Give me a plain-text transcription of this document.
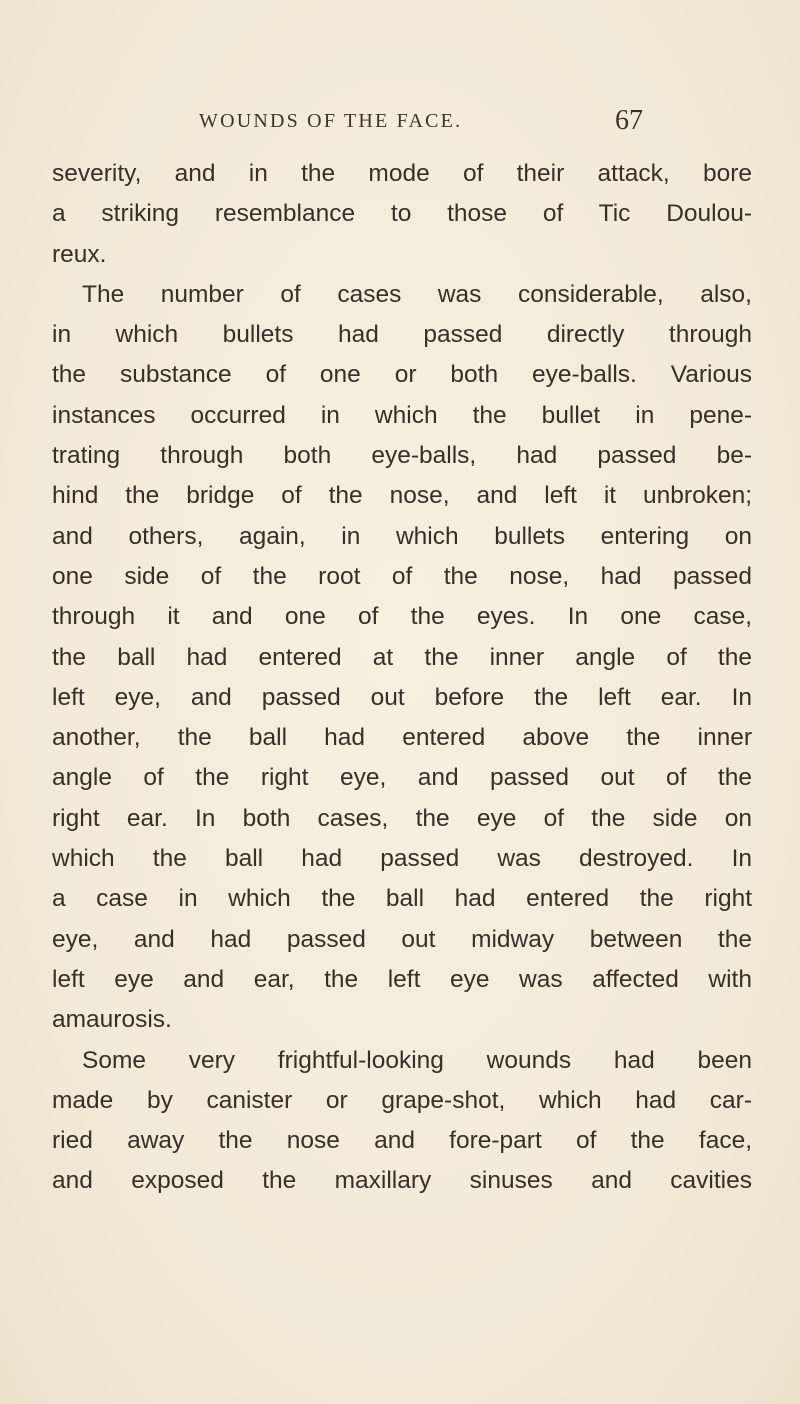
WOUNDS OF THE FACE.	67
severity, and in the mode of their attack, bore
a striking resemblance to those of Tic Doulou-
reux.
The number of cases was considerable, also,
in which bullets had passed directly through
the substance of one or both eye-balls. Various
instances occurred in which the bullet in pene-
trating through both eye-balls, had passed be-
hind the bridge of the nose, and left it unbroken;
and others, again, in which bullets entering on
one side of the root of the nose, had passed
through it and one of the eyes. In one case,
the ball had entered at the inner angle of the
left eye, and passed out before the left ear. In
another, the ball had entered above the inner
angle of the right eye, and passed out of the
right ear. In both cases, the eye of the side on
which the ball had passed was destroyed. In
a case in which the ball had entered the right
eye, and had passed out midway between the
left eye and ear, the left eye was affected with
amaurosis.
Some very frightful-looking wounds had been
made by canister or grape-shot, which had car-
ried away the nose and fore-part of the face,
and exposed the maxillary sinuses and cavities
